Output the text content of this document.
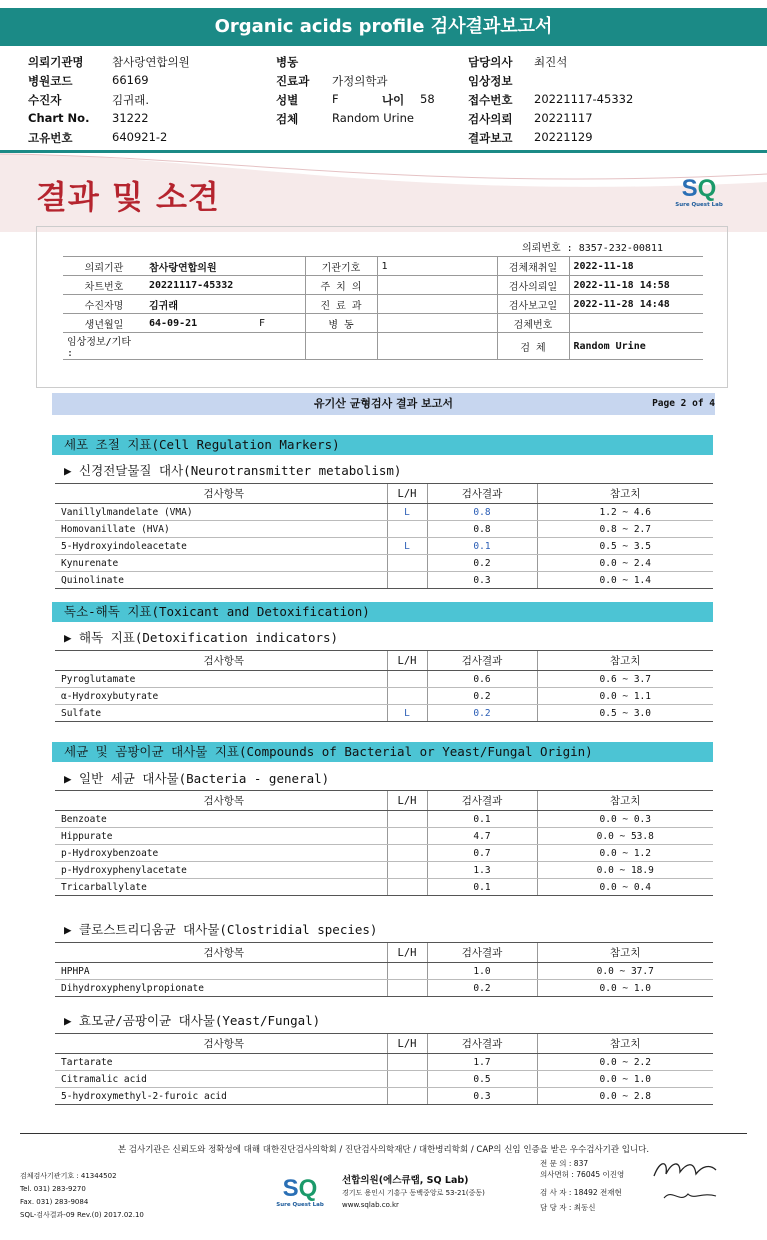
Organic acids profile 검사결과보고서
의뢰기관명 참사랑연합의원	병동	담당의사 최진석
병원코드	66169	진료과 가정의학과	임상정보
수진자	김귀래.	성별	F	나이 58	접수번호 20221117-45332
Chart No. 31222	검체	Random Urine	검사의뢰 20221117
고유번호	640921-2	결과보고 20221129
결과 및 소견	SQ
Sure Quest Lab
의뢰번호 : 8357-232-00811
의뢰기관	참사랑연합의원		기관기호	1	검체채취일	2022-11-18
차트번호	20221117-45332		주 치 의		검사의뢰일	2022-11-18 14:58
수진자명	김귀래		진 료 과		검사보고일	2022-11-28 14:48
생년월일	64-09-21	F	병 동		검체번호	
임상정보/기타 :					검 체	Random Urine
유기산 균형검사 결과 보고서	Page 2 of 4
세포 조절 지표(Cell Regulation Markers)
▶ 신경전달물질 대사(Neurotransmitter metabolism)
검사항목	L/H	검사결과	참고치
Vanillylmandelate (VMA)	L	0.8	1.2 ~ 4.6
Homovanillate (HVA)		0.8	0.8 ~ 2.7
5-Hydroxyindoleacetate	L	0.1	0.5 ~ 3.5
Kynurenate		0.2	0.0 ~ 2.4
Quinolinate		0.3	0.0 ~ 1.4
독소-해독 지표(Toxicant and Detoxification)
▶ 해독 지표(Detoxification indicators)
검사항목	L/H	검사결과	참고치
Pyroglutamate		0.6	0.6 ~ 3.7
α-Hydroxybutyrate		0.2	0.0 ~ 1.1
Sulfate	L	0.2	0.5 ~ 3.0
세균 및 곰팡이균 대사물 지표(Compounds of Bacterial or Yeast/Fungal Origin)
▶ 일반 세균 대사물(Bacteria - general)
검사항목	L/H	검사결과	참고치
Benzoate		0.1	0.0 ~ 0.3
Hippurate		4.7	0.0 ~ 53.8
p-Hydroxybenzoate		0.7	0.0 ~ 1.2
p-Hydroxyphenylacetate		1.3	0.0 ~ 18.9
Tricarballylate		0.1	0.0 ~ 0.4
▶ 클로스트리디움균 대사물(Clostridial species)
검사항목	L/H	검사결과	참고치
HPHPA		1.0	0.0 ~ 37.7
Dihydroxyphenylpropionate		0.2	0.0 ~ 1.0
▶ 효모균/곰팡이균 대사물(Yeast/Fungal)
검사항목	L/H	검사결과	참고치
Tartarate		1.7	0.0 ~ 2.2
Citramalic acid		0.5	0.0 ~ 1.0
5-hydroxymethyl-2-furoic acid		0.3	0.0 ~ 2.8
본 검사기관은 신뢰도와 정확성에 대해 대한진단검사의학회 / 진단검사의학재단 / 대한병리학회 / CAP의 신임 인증을 받은 우수검사기관 입니다.
검체검사기관기호 : 41344502
Tel. 031) 283-9270
Fax. 031) 283-9084
SQL-검사결과-09 Rev.(0) 2017.02.10
SQ
Sure Quest Lab
선합의원(에스큐랩, SQ Lab)
경기도 용인시 기흥구 동백중앙로 53-21(중동)
www.sqlab.co.kr
전 문 의 : 837
의사면허 : 76045 이진영
검 사 자 : 18492 전재현
담 당 자 : 최동신
